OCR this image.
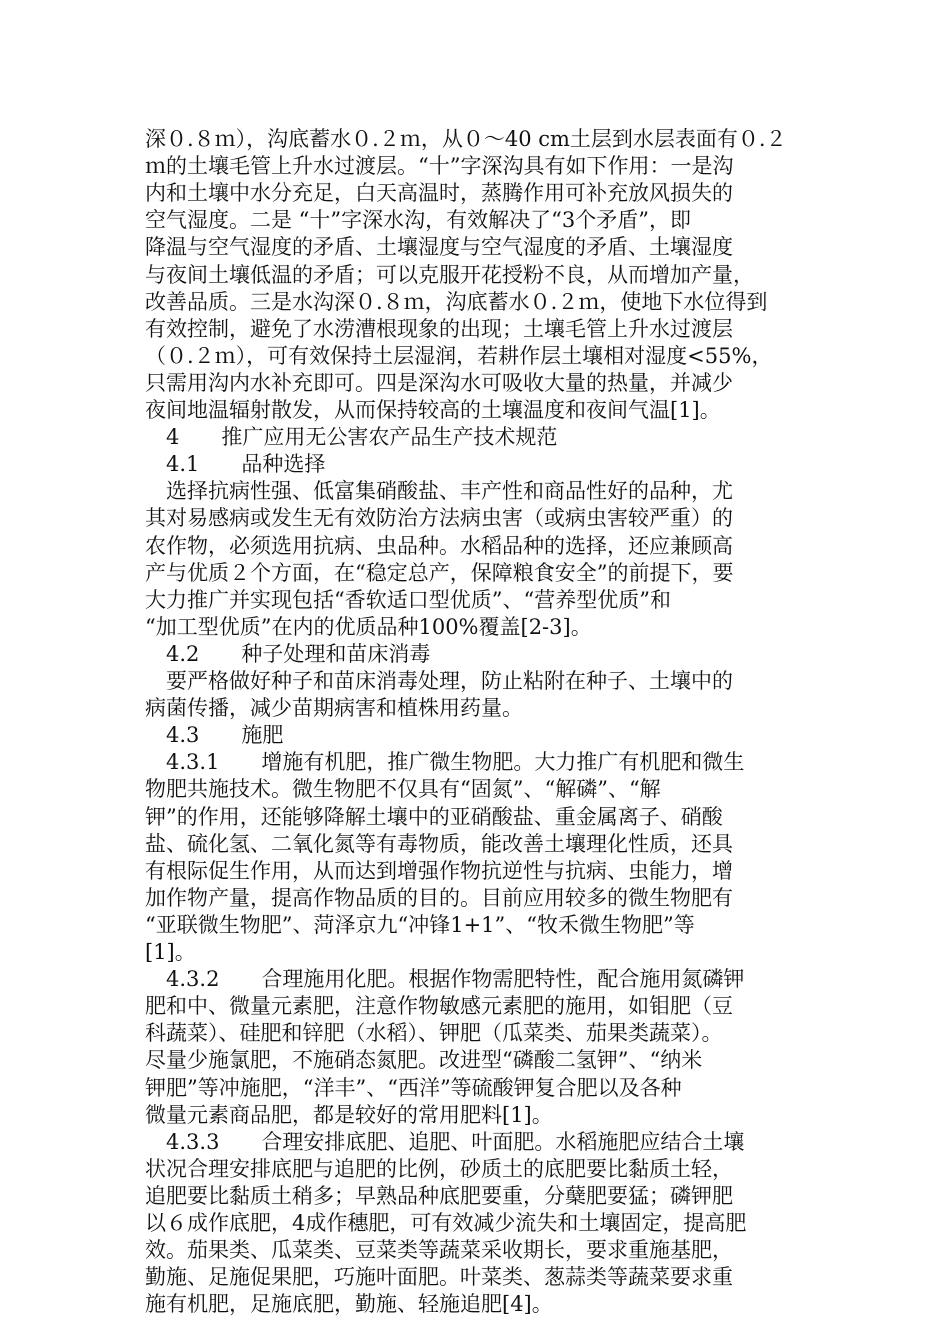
深０.８ｍ），沟底蓄水０.２ｍ，从０～40 cm土层到水层表面有０.２
ｍ的土壤毛管上升水过渡层。“十”字深沟具有如下作用：一是沟
内和土壤中水分充足，白天高温时，蒸腾作用可补充放风损失的
空气湿度。二是 “十”字深水沟，有效解决了“3个矛盾”，即
降温与空气湿度的矛盾、土壤湿度与空气湿度的矛盾、土壤湿度
与夜间土壤低温的矛盾；可以克服开花授粉不良，从而增加产量，
改善品质。三是水沟深０.８ｍ，沟底蓄水０.２ｍ，使地下水位得到
有效控制，避免了水涝漕根现象的出现；土壤毛管上升水过渡层
（０.２ｍ），可有效保持土层湿润，若耕作层土壤相对湿度<55%，
只需用沟内水补充即可。四是深沟水可吸收大量的热量，并减少
夜间地温辐射散发，从而保持较高的土壤温度和夜间气温[1]。
　4　　推广应用无公害农产品生产技术规范
　4.1　　品种选择
　选择抗病性强、低富集硝酸盐、丰产性和商品性好的品种，尤
其对易感病或发生无有效防治方法病虫害（或病虫害较严重）的
农作物，必须选用抗病、虫品种。水稻品种的选择，还应兼顾高
产与优质２个方面，在“稳定总产，保障粮食安全”的前提下，要
大力推广并实现包括“香软适口型优质”、“营养型优质”和
“加工型优质”在内的优质品种100%覆盖[2-3]。
　4.2　　种子处理和苗床消毒
　要严格做好种子和苗床消毒处理，防止粘附在种子、土壤中的
病菌传播，减少苗期病害和植株用药量。
　4.3　　施肥
　4.3.1　　增施有机肥，推广微生物肥。大力推广有机肥和微生
物肥共施技术。微生物肥不仅具有“固氮”、“解磷”、“解
钾”的作用，还能够降解土壤中的亚硝酸盐、重金属离子、硝酸
盐、硫化氢、二氧化氮等有毒物质，能改善土壤理化性质，还具
有根际促生作用，从而达到增强作物抗逆性与抗病、虫能力，增
加作物产量，提高作物品质的目的。目前应用较多的微生物肥有
“亚联微生物肥”、菏泽京九“冲锋1+1”、“牧禾微生物肥”等
[1]。
　4.3.2　　合理施用化肥。根据作物需肥特性，配合施用氮磷钾
肥和中、微量元素肥，注意作物敏感元素肥的施用，如钼肥（豆
科蔬菜）、硅肥和锌肥（水稻）、钾肥（瓜菜类、茄果类蔬菜）。
尽量少施氯肥，不施硝态氮肥。改进型“磷酸二氢钾”、“纳米
钾肥”等冲施肥，“洋丰”、“西洋”等硫酸钾复合肥以及各种
微量元素商品肥，都是较好的常用肥料[1]。
　4.3.3　　合理安排底肥、追肥、叶面肥。水稻施肥应结合土壤
状况合理安排底肥与追肥的比例，砂质土的底肥要比黏质土轻，
追肥要比黏质土稍多；早熟品种底肥要重，分蘖肥要猛；磷钾肥
以６成作底肥，4成作穗肥，可有效减少流失和土壤固定，提高肥
效。茄果类、瓜菜类、豆菜类等蔬菜采收期长，要求重施基肥，
勤施、足施促果肥，巧施叶面肥。叶菜类、葱蒜类等蔬菜要求重
施有机肥，足施底肥，勤施、轻施追肥[4]。
